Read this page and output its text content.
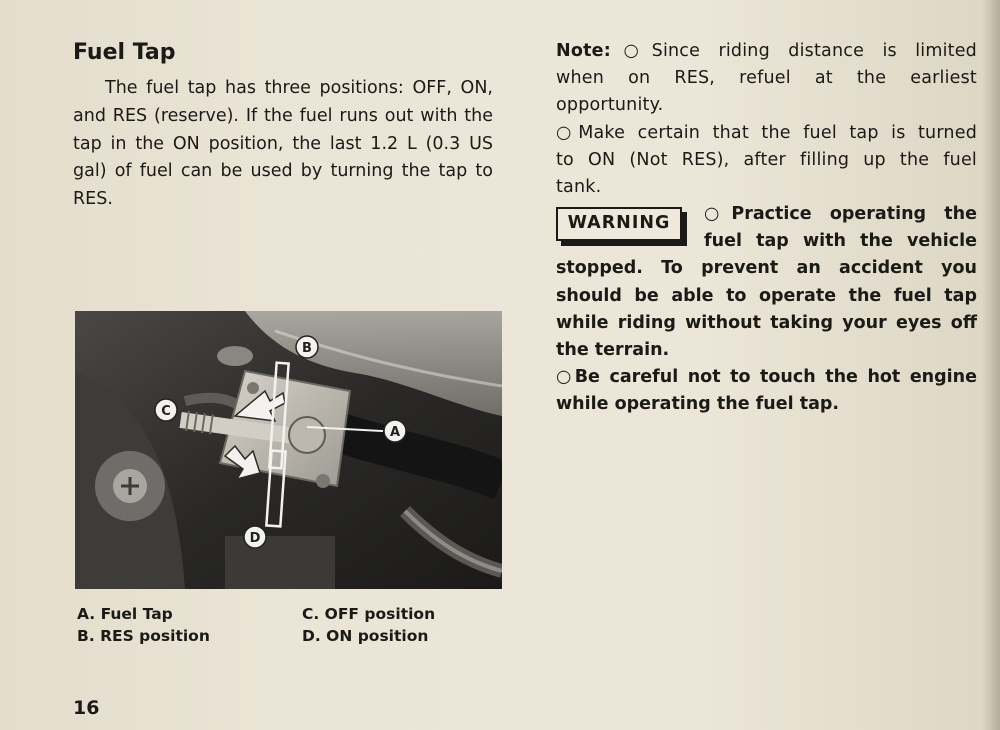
Fuel Tap

The fuel tap has three positions: OFF, ON, and RES (reserve). If the fuel runs out with the tap in the ON position, the last 1.2 L (0.3 US gal) of fuel can be used by turning the tap to RES.

B
C
A
D
A. Fuel Tap
B. RES position
C. OFF position
D. ON position

16

Note:○Since riding distance is limited
when on RES, refuel at the earliest
opportunity.
○Make certain that the fuel tap is turned
to ON (Not RES), after filling up the fuel
tank.
WARNING	○Practice operating the
fuel tap with the vehicle
stopped. To prevent an accident you
should be able to operate the fuel tap
while riding without taking your eyes off
the terrain.
○Be careful not to touch the hot engine
while operating the fuel tap.
